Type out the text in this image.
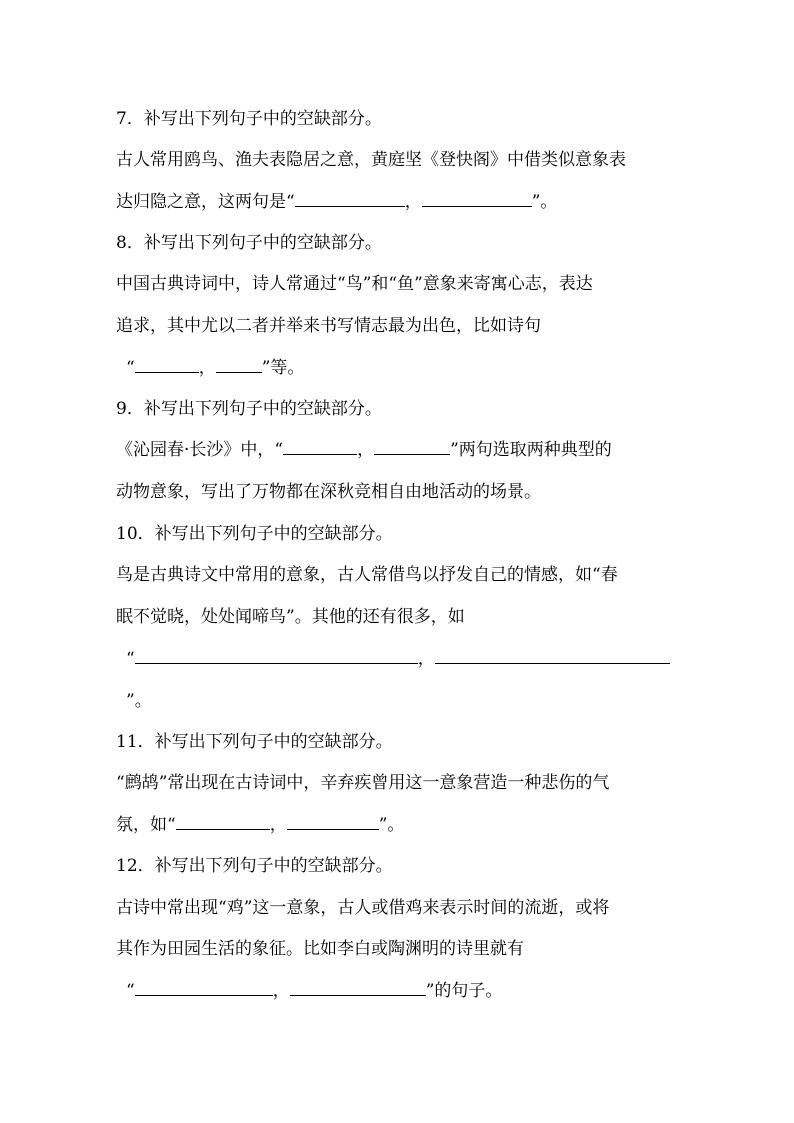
7．补写出下列句子中的空缺部分。
古人常用鸥鸟、渔夫表隐居之意，黄庭坚《登快阁》中借类似意象表
达归隐之意，这两句是“	，	”。
8．补写出下列句子中的空缺部分。
中国古典诗词中，诗人常通过“鸟”和“鱼”意象来寄寓心志，表达
追求，其中尤以二者并举来书写情志最为出色，比如诗句
“	，	”等。
9．补写出下列句子中的空缺部分。
《沁园春·长沙》中，“	，	”两句选取两种典型的
动物意象，写出了万物都在深秋竞相自由地活动的场景。
10．补写出下列句子中的空缺部分。
鸟是古典诗文中常用的意象，古人常借鸟以抒发自己的情感，如“春
眠不觉晓，处处闻啼鸟”。其他的还有很多，如
“	，
”。
11．补写出下列句子中的空缺部分。
“鹧鸪”常出现在古诗词中，辛弃疾曾用这一意象营造一种悲伤的气
氛，如“	，	”。
12．补写出下列句子中的空缺部分。
古诗中常出现“鸡”这一意象，古人或借鸡来表示时间的流逝，或将
其作为田园生活的象征。比如李白或陶渊明的诗里就有
“	，	”的句子。
